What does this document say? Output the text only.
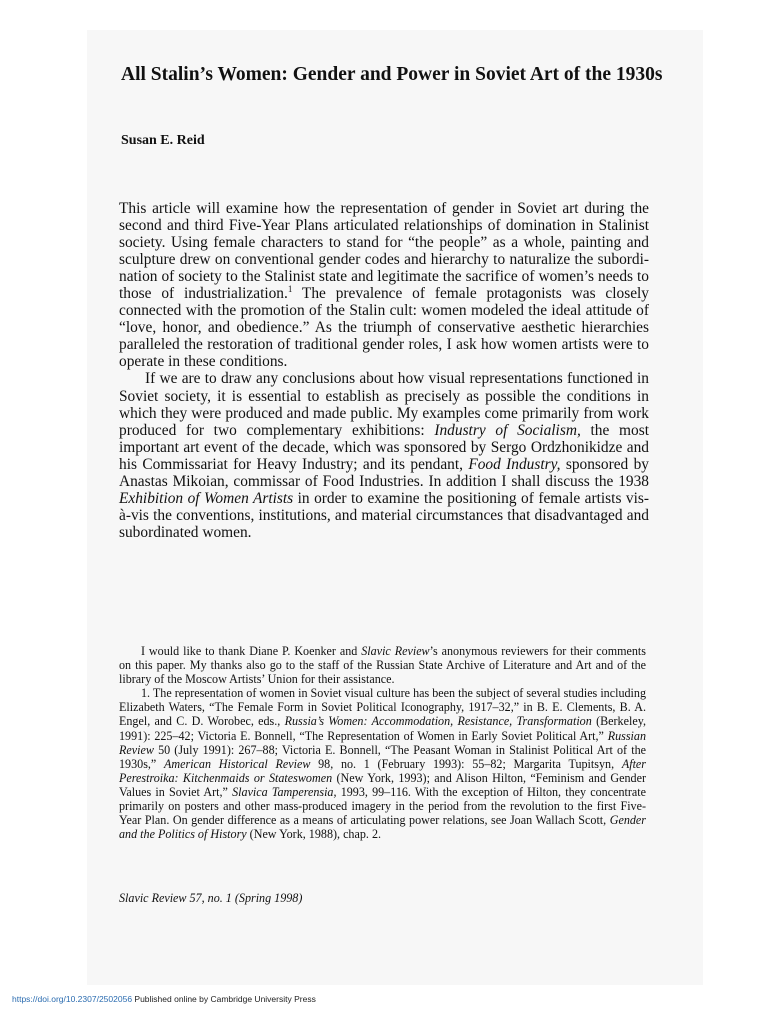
All Stalin’s Women: Gender and Power in Soviet Art of the 1930s

Susan E. Reid

This article will examine how the representation of gender in Soviet art during the second and third Five-Year Plans articulated relationships of domination in Stalinist society. Using female characters to stand for “the people” as a whole, painting and sculpture drew on conventional gender codes and hierarchy to naturalize the subordination of society to the Stalinist state and legitimate the sacrifice of women’s needs to those of industrialization.$^1$ The prevalence of female protagonists was closely connected with the promotion of the Stalin cult: women modeled the ideal attitude of “love, honor, and obedience.” As the triumph of conservative aesthetic hierarchies paralleled the restoration of traditional gender roles, I ask how women artists were to operate in these conditions.

If we are to draw any conclusions about how visual representations functioned in Soviet society, it is essential to establish as precisely as possible the conditions in which they were produced and made public. My examples come primarily from work produced for two complementary exhibitions: Industry of Socialism, the most important art event of the decade, which was sponsored by Sergo Ordzhonikidze and his Commissariat for Heavy Industry; and its pendant, Food Industry, sponsored by Anastas Mikoian, commissar of Food Industries. In addition I shall discuss the 1938 Exhibition of Women Artists in order to examine the positioning of female artists vis-à-vis the conventions, institutions, and material circumstances that disadvantaged and subordinated women.

I would like to thank Diane P. Koenker and Slavic Review’s anonymous reviewers for their comments on this paper. My thanks also go to the staff of the Russian State Archive of Literature and Art and of the library of the Moscow Artists’ Union for their assistance.

1. The representation of women in Soviet visual culture has been the subject of several studies including Elizabeth Waters, “The Female Form in Soviet Political Iconography, 1917–32,” in B. E. Clements, B. A. Engel, and C. D. Worobec, eds., Russia’s Women: Accommodation, Resistance, Transformation (Berkeley, 1991): 225–42; Victoria E. Bonnell, “The Representation of Women in Early Soviet Political Art,” Russian Review 50 (July 1991): 267–88; Victoria E. Bonnell, “The Peasant Woman in Stalinist Political Art of the 1930s,” American Historical Review 98, no. 1 (February 1993): 55–82; Margarita Tupitsyn, After Perestroika: Kitchenmaids or Stateswomen (New York, 1993); and Alison Hilton, “Feminism and Gender Values in Soviet Art,” Slavica Tamperensia, 1993, 99–116. With the exception of Hilton, they concentrate primarily on posters and other mass-produced imagery in the period from the revolution to the first Five-Year Plan. On gender difference as a means of articulating power relations, see Joan Wallach Scott, Gender and the Politics of History (New York, 1988), chap. 2.

Slavic Review 57, no. 1 (Spring 1998)
https://doi.org/10.2307/2502056 Published online by Cambridge University Press
